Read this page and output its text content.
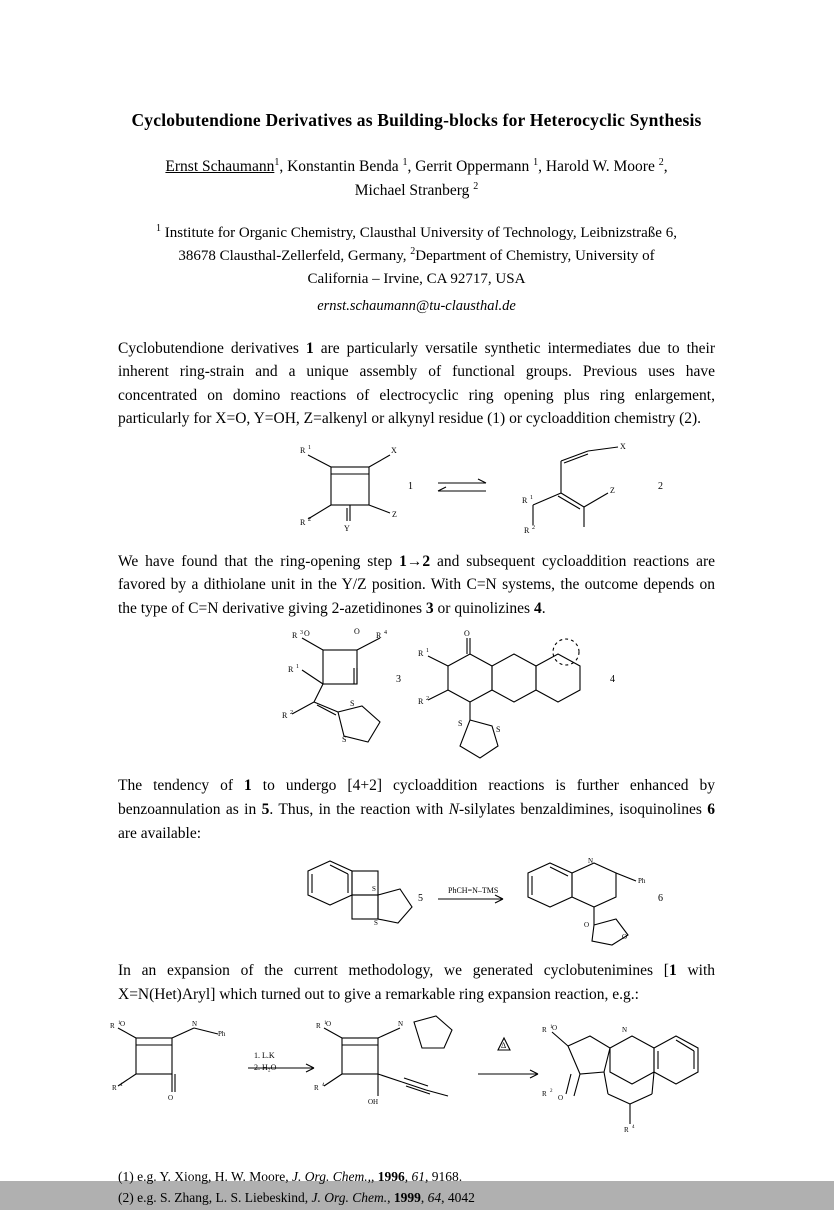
Cyclobutendione Derivatives as Building-blocks for Heterocyclic Synthesis
Ernst Schaumann$^1$, Konstantin Benda $^1$, Gerrit Oppermann $^1$, Harold W. Moore $^2$,
Michael Stranberg $^2$
$^1$ Institute for Organic Chemistry, Clausthal University of Technology, Leibnizstraße 6,
38678 Clausthal-Zellerfeld, Germany, $^2$Department of Chemistry, University of
California – Irvine, CA 92717, USA
ernst.schaumann@tu-clausthal.de

Cyclobutendione derivatives 1 are particularly versatile synthetic intermediates due to their inherent ring-strain and a unique assembly of functional groups. Previous uses have concentrated on domino reactions of electrocyclic ring opening plus ring enlargement, particularly for X=O, Y=OH, Z=alkenyl or alkynyl residue (1) or cycloaddition chemistry (2).

R 1
R 2
X
Z
Y
R 1
R 2
X
Z
1	2

We have found that the ring-opening step 1→2 and subsequent cycloaddition reactions are favored by a dithiolane unit in the Y/Z position. With C=N systems, the outcome depends on the type of C=N derivative giving 2-azetidinones 3 or quinolizines 4.

R 3 O	R 4
R 1
R 2
S
S
O
R 1
R 2
O
S
S
3	4

The tendency of 1 to undergo [4+2] cycloaddition reactions is further enhanced by benzoannulation as in 5. Thus, in the reaction with N-silylates benzaldimines, isoquinolines 6 are available:

S
S
N
O
O
Ph
PhCH=N–TMS
5	6

In an expansion of the current methodology, we generated cyclobutenimines [1 with X=N(Het)Aryl] which turned out to give a remarkable ring expansion reaction, e.g.:

R 1 O
R 4
N
Ph
O
R 1 O
R 4
N
OH
R 1 O
R 2
R 4
N
O
1. L.K
2. H₂O
Δ
(1) e.g. Y. Xiong, H. W. Moore, J. Org. Chem.,, 1996, 61, 9168.
(2) e.g. S. Zhang, L. S. Liebeskind, J. Org. Chem., 1999, 64, 4042
